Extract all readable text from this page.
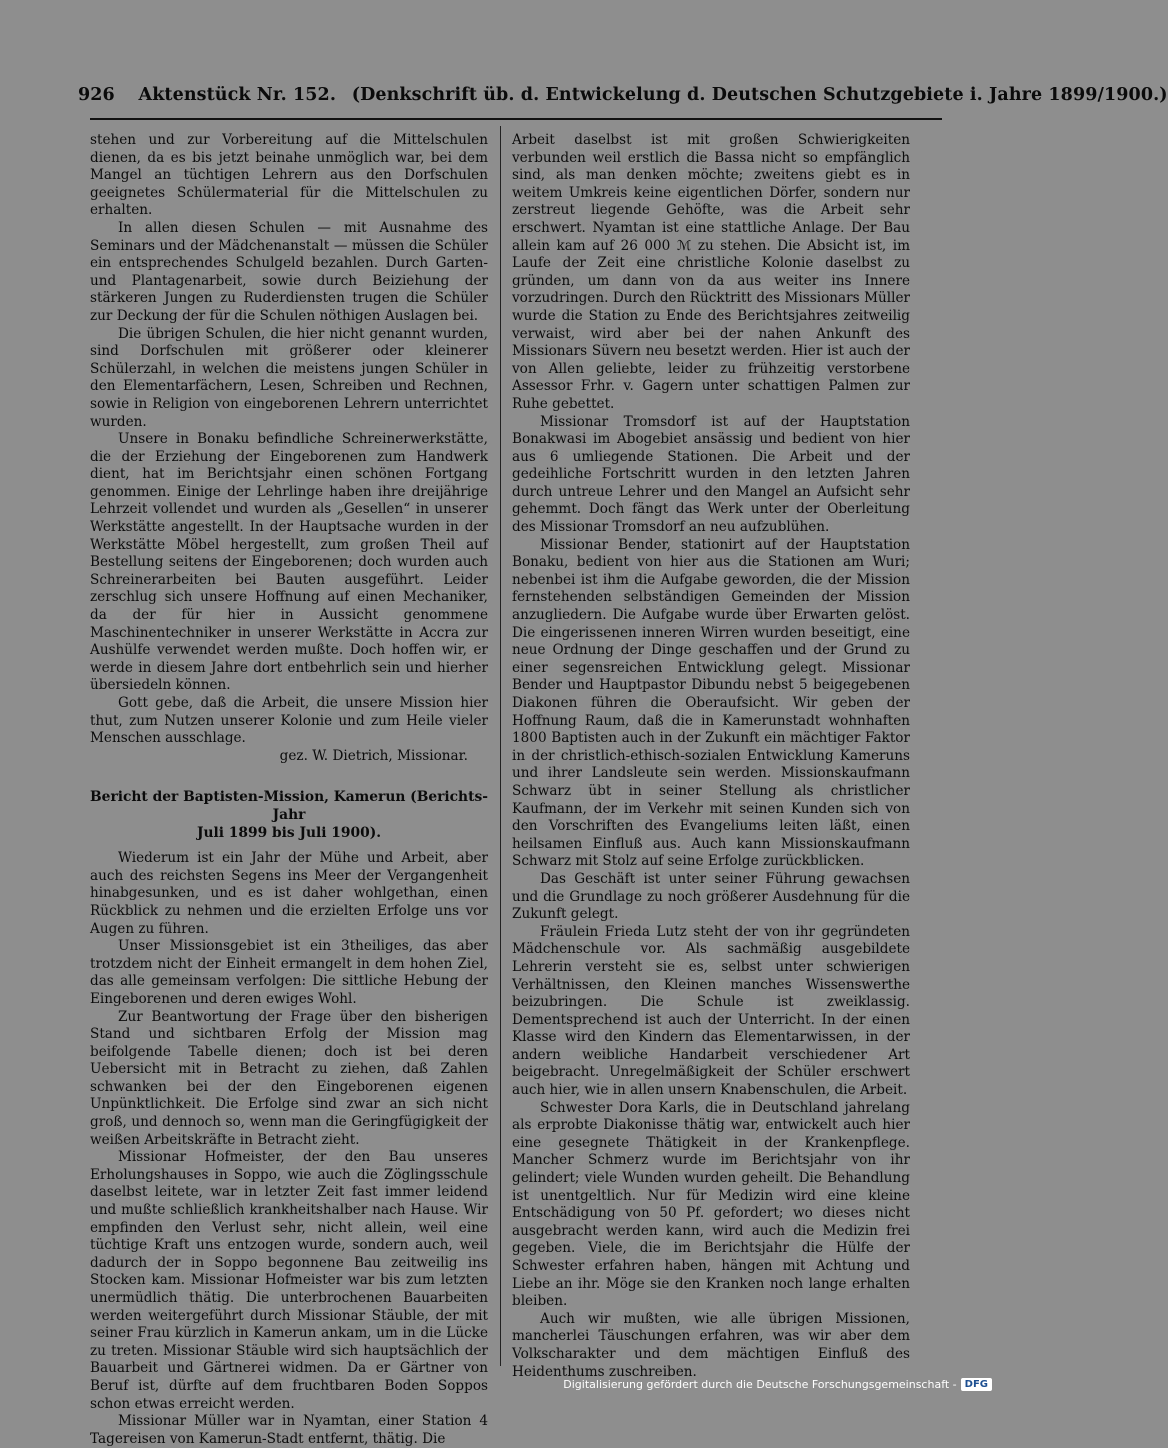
926 Aktenstück Nr. 152. (Denkschrift üb. d. Entwickelung d. Deutschen Schutzgebiete i. Jahre 1899/1900.)

stehen und zur Vorbereitung auf die Mittelschulen dienen, da es bis jetzt beinahe unmöglich war, bei dem Mangel an tüchtigen Lehrern aus den Dorfschulen geeignetes Schülermaterial für die Mittelschulen zu erhalten.

In allen diesen Schulen — mit Ausnahme des Seminars und der Mädchenanstalt — müssen die Schüler ein entsprechendes Schulgeld bezahlen. Durch Garten- und Plantagenarbeit, sowie durch Beiziehung der stärkeren Jungen zu Ruderdiensten trugen die Schüler zur Deckung der für die Schulen nöthigen Auslagen bei.

Die übrigen Schulen, die hier nicht genannt wurden, sind Dorfschulen mit größerer oder kleinerer Schülerzahl, in welchen die meistens jungen Schüler in den Elementarfächern, Lesen, Schreiben und Rechnen, sowie in Religion von eingeborenen Lehrern unterrichtet wurden.

Unsere in Bonaku befindliche Schreinerwerkstätte, die der Erziehung der Eingeborenen zum Handwerk dient, hat im Berichtsjahr einen schönen Fortgang genommen. Einige der Lehrlinge haben ihre dreijährige Lehrzeit vollendet und wurden als „Gesellen“ in unserer Werkstätte angestellt. In der Hauptsache wurden in der Werkstätte Möbel hergestellt, zum großen Theil auf Bestellung seitens der Eingeborenen; doch wurden auch Schreinerarbeiten bei Bauten ausgeführt. Leider zerschlug sich unsere Hoffnung auf einen Mechaniker, da der für hier in Aussicht genommene Maschinentechniker in unserer Werkstätte in Accra zur Aushülfe verwendet werden mußte. Doch hoffen wir, er werde in diesem Jahre dort entbehrlich sein und hierher übersiedeln können.

Gott gebe, daß die Arbeit, die unsere Mission hier thut, zum Nutzen unserer Kolonie und zum Heile vieler Menschen ausschlage.

gez. W. Dietrich, Missionar.

Bericht der Baptisten-Mission, Kamerun (Berichts-Jahr
Juli 1899 bis Juli 1900).

Wiederum ist ein Jahr der Mühe und Arbeit, aber auch des reichsten Segens ins Meer der Vergangenheit hinabgesunken, und es ist daher wohlgethan, einen Rückblick zu nehmen und die erzielten Erfolge uns vor Augen zu führen.

Unser Missionsgebiet ist ein 3theiliges, das aber trotzdem nicht der Einheit ermangelt in dem hohen Ziel, das alle gemeinsam verfolgen: Die sittliche Hebung der Eingeborenen und deren ewiges Wohl.

Zur Beantwortung der Frage über den bisherigen Stand und sichtbaren Erfolg der Mission mag beifolgende Tabelle dienen; doch ist bei deren Uebersicht mit in Betracht zu ziehen, daß Zahlen schwanken bei der den Eingeborenen eigenen Unpünktlichkeit. Die Erfolge sind zwar an sich nicht groß, und dennoch so, wenn man die Geringfügigkeit der weißen Arbeitskräfte in Betracht zieht.

Missionar Hofmeister, der den Bau unseres Erholungshauses in Soppo, wie auch die Zöglingsschule daselbst leitete, war in letzter Zeit fast immer leidend und mußte schließlich krankheitshalber nach Hause. Wir empfinden den Verlust sehr, nicht allein, weil eine tüchtige Kraft uns entzogen wurde, sondern auch, weil dadurch der in Soppo begonnene Bau zeitweilig ins Stocken kam. Missionar Hofmeister war bis zum letzten unermüdlich thätig. Die unterbrochenen Bauarbeiten werden weitergeführt durch Missionar Stäuble, der mit seiner Frau kürzlich in Kamerun ankam, um in die Lücke zu treten. Missionar Stäuble wird sich hauptsächlich der Bauarbeit und Gärtnerei widmen. Da er Gärtner von Beruf ist, dürfte auf dem fruchtbaren Boden Soppos schon etwas erreicht werden.

Missionar Müller war in Nyamtan, einer Station 4 Tagereisen von Kamerun-Stadt entfernt, thätig. Die

Arbeit daselbst ist mit großen Schwierigkeiten verbunden weil erstlich die Bassa nicht so empfänglich sind, als man denken möchte; zweitens giebt es in weitem Umkreis keine eigentlichen Dörfer, sondern nur zerstreut liegende Gehöfte, was die Arbeit sehr erschwert. Nyamtan ist eine stattliche Anlage. Der Bau allein kam auf 26 000 ℳ zu stehen. Die Absicht ist, im Laufe der Zeit eine christliche Kolonie daselbst zu gründen, um dann von da aus weiter ins Innere vorzudringen. Durch den Rücktritt des Missionars Müller wurde die Station zu Ende des Berichtsjahres zeitweilig verwaist, wird aber bei der nahen Ankunft des Missionars Süvern neu besetzt werden. Hier ist auch der von Allen geliebte, leider zu frühzeitig verstorbene Assessor Frhr. v. Gagern unter schattigen Palmen zur Ruhe gebettet.

Missionar Tromsdorf ist auf der Hauptstation Bonakwasi im Abogebiet ansässig und bedient von hier aus 6 umliegende Stationen. Die Arbeit und der gedeihliche Fortschritt wurden in den letzten Jahren durch untreue Lehrer und den Mangel an Aufsicht sehr gehemmt. Doch fängt das Werk unter der Oberleitung des Missionar Tromsdorf an neu aufzublühen.

Missionar Bender, stationirt auf der Hauptstation Bonaku, bedient von hier aus die Stationen am Wuri; nebenbei ist ihm die Aufgabe geworden, die der Mission fernstehenden selbständigen Gemeinden der Mission anzugliedern. Die Aufgabe wurde über Erwarten gelöst. Die eingerissenen inneren Wirren wurden beseitigt, eine neue Ordnung der Dinge geschaffen und der Grund zu einer segensreichen Entwicklung gelegt. Missionar Bender und Hauptpastor Dibundu nebst 5 beigegebenen Diakonen führen die Oberaufsicht. Wir geben der Hoffnung Raum, daß die in Kamerunstadt wohnhaften 1800 Baptisten auch in der Zukunft ein mächtiger Faktor in der christlich-ethisch-sozialen Entwicklung Kameruns und ihrer Landsleute sein werden. Missionskaufmann Schwarz übt in seiner Stellung als christlicher Kaufmann, der im Verkehr mit seinen Kunden sich von den Vorschriften des Evangeliums leiten läßt, einen heilsamen Einfluß aus. Auch kann Missionskaufmann Schwarz mit Stolz auf seine Erfolge zurückblicken.

Das Geschäft ist unter seiner Führung gewachsen und die Grundlage zu noch größerer Ausdehnung für die Zukunft gelegt.

Fräulein Frieda Lutz steht der von ihr gegründeten Mädchenschule vor. Als sachmäßig ausgebildete Lehrerin versteht sie es, selbst unter schwierigen Verhältnissen, den Kleinen manches Wissenswerthe beizubringen. Die Schule ist zweiklassig. Dementsprechend ist auch der Unterricht. In der einen Klasse wird den Kindern das Elementarwissen, in der andern weibliche Handarbeit verschiedener Art beigebracht. Unregelmäßigkeit der Schüler erschwert auch hier, wie in allen unsern Knabenschulen, die Arbeit.

Schwester Dora Karls, die in Deutschland jahrelang als erprobte Diakonisse thätig war, entwickelt auch hier eine gesegnete Thätigkeit in der Krankenpflege. Mancher Schmerz wurde im Berichtsjahr von ihr gelindert; viele Wunden wurden geheilt. Die Behandlung ist unentgeltlich. Nur für Medizin wird eine kleine Entschädigung von 50 Pf. gefordert; wo dieses nicht ausgebracht werden kann, wird auch die Medizin frei gegeben. Viele, die im Berichtsjahr die Hülfe der Schwester erfahren haben, hängen mit Achtung und Liebe an ihr. Möge sie den Kranken noch lange erhalten bleiben.

Auch wir mußten, wie alle übrigen Missionen, mancherlei Täuschungen erfahren, was wir aber dem Volkscharakter und dem mächtigen Einfluß des Heidenthums zuschreiben.

Digitalisierung gefördert durch die Deutsche Forschungsgemeinschaft - DFG
